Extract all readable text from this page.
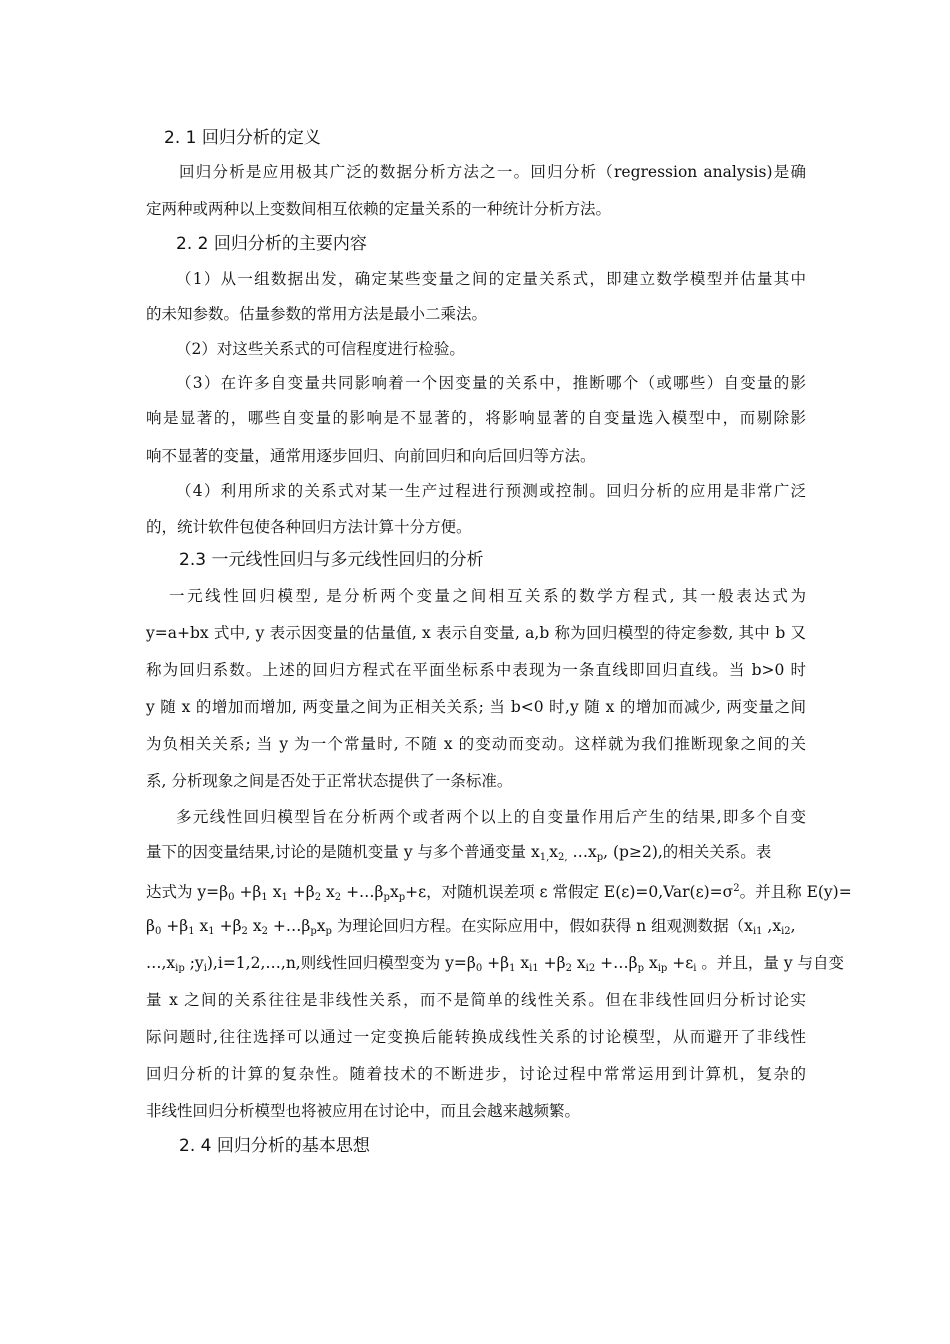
2. 1 回归分析的定义
回归分析是应用极其广泛的数据分析方法之一。回归分析（regression analysis)是确
定两种或两种以上变数间相互依赖的定量关系的一种统计分析方法。
2. 2 回归分析的主要内容
（1）从一组数据出发，确定某些变量之间的定量关系式，即建立数学模型并估量其中
的未知参数。估量参数的常用方法是最小二乘法。
（2）对这些关系式的可信程度进行检验。
（3）在许多自变量共同影响着一个因变量的关系中，推断哪个（或哪些）自变量的影
响是显著的，哪些自变量的影响是不显著的，将影响显著的自变量选入模型中，而剔除影
响不显著的变量，通常用逐步回归、向前回归和向后回归等方法。
（4）利用所求的关系式对某一生产过程进行预测或控制。回归分析的应用是非常广泛
的，统计软件包使各种回归方法计算十分方便。
2.3 一元线性回归与多元线性回归的分析
一元线性回归模型, 是分析两个变量之间相互关系的数学方程式, 其一般表达式为
y=a+bx 式中, y 表示因变量的估量值, x 表示自变量, a,b 称为回归模型的待定参数, 其中 b 又
称为回归系数。上述的回归方程式在平面坐标系中表现为一条直线即回归直线。当 b>0 时
y 随 x 的增加而增加, 两变量之间为正相关关系; 当 b<0 时,y 随 x 的增加而减少, 两变量之间
为负相关关系; 当 y 为一个常量时, 不随 x 的变动而变动。这样就为我们推断现象之间的关
系, 分析现象之间是否处于正常状态提供了一条标准。
多元线性回归模型旨在分析两个或者两个以上的自变量作用后产生的结果,即多个自变
量下的因变量结果,讨论的是随机变量 y 与多个普通变量 $x_{1,}x_{2,}$ $\dots x_p$, (p≥2),的相关关系。表
达式为 $y=\beta_0 +\beta_1$ $x_1 +\beta_2$ $x_2$ $+\dots\beta_px_p+\varepsilon$，对随机误差项 ε 常假定 $E(\varepsilon)=0,Var(\varepsilon)=\sigma^2$。并且称 E(y)=
$\beta_0 +\beta_1$ $x_1 +\beta_2$ $x_2$ $+\dots\beta_px_p$ 为理论回归方程。在实际应用中，假如获得 n 组观测数据（$x_{i1}$ $,x_{i2}$,
$\dots,x_{ip}$ $;y_i),i=1,2,\dots,n$,则线性回归模型变为 $y=\beta_0 +\beta_1$ $x_{i1} +\beta_2$ $x_{i2}$ $+\dots\beta_p$ $x_{ip} +\varepsilon_i$ 。并且，量 y 与自变
量 x 之间的关系往往是非线性关系，而不是简单的线性关系。但在非线性回归分析讨论实
际问题时,往往选择可以通过一定变换后能转换成线性关系的讨论模型，从而避开了非线性
回归分析的计算的复杂性。随着技术的不断进步，讨论过程中常常运用到计算机，复杂的
非线性回归分析模型也将被应用在讨论中，而且会越来越频繁。
2. 4 回归分析的基本思想
